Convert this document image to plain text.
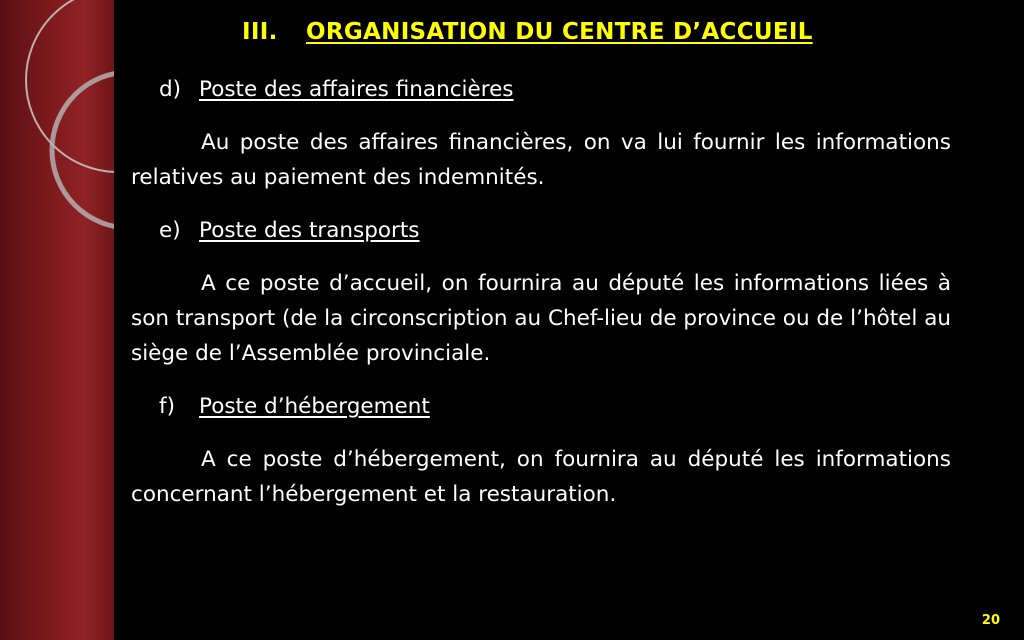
III.	ORGANISATION DU CENTRE D’ACCUEIL
d) Poste des affaires financières

Au poste des affaires financières, on va lui fournir les informations relatives au paiement des indemnités.

e) Poste des transports

A ce poste d’accueil, on fournira au député les informations liées à son transport (de la circonscription au Chef-lieu de province ou de l’hôtel au siège de l’Assemblée provinciale.

f)	Poste d’hébergement

A ce poste d’hébergement, on fournira au député les informations concernant l’hébergement et la restauration.

20
